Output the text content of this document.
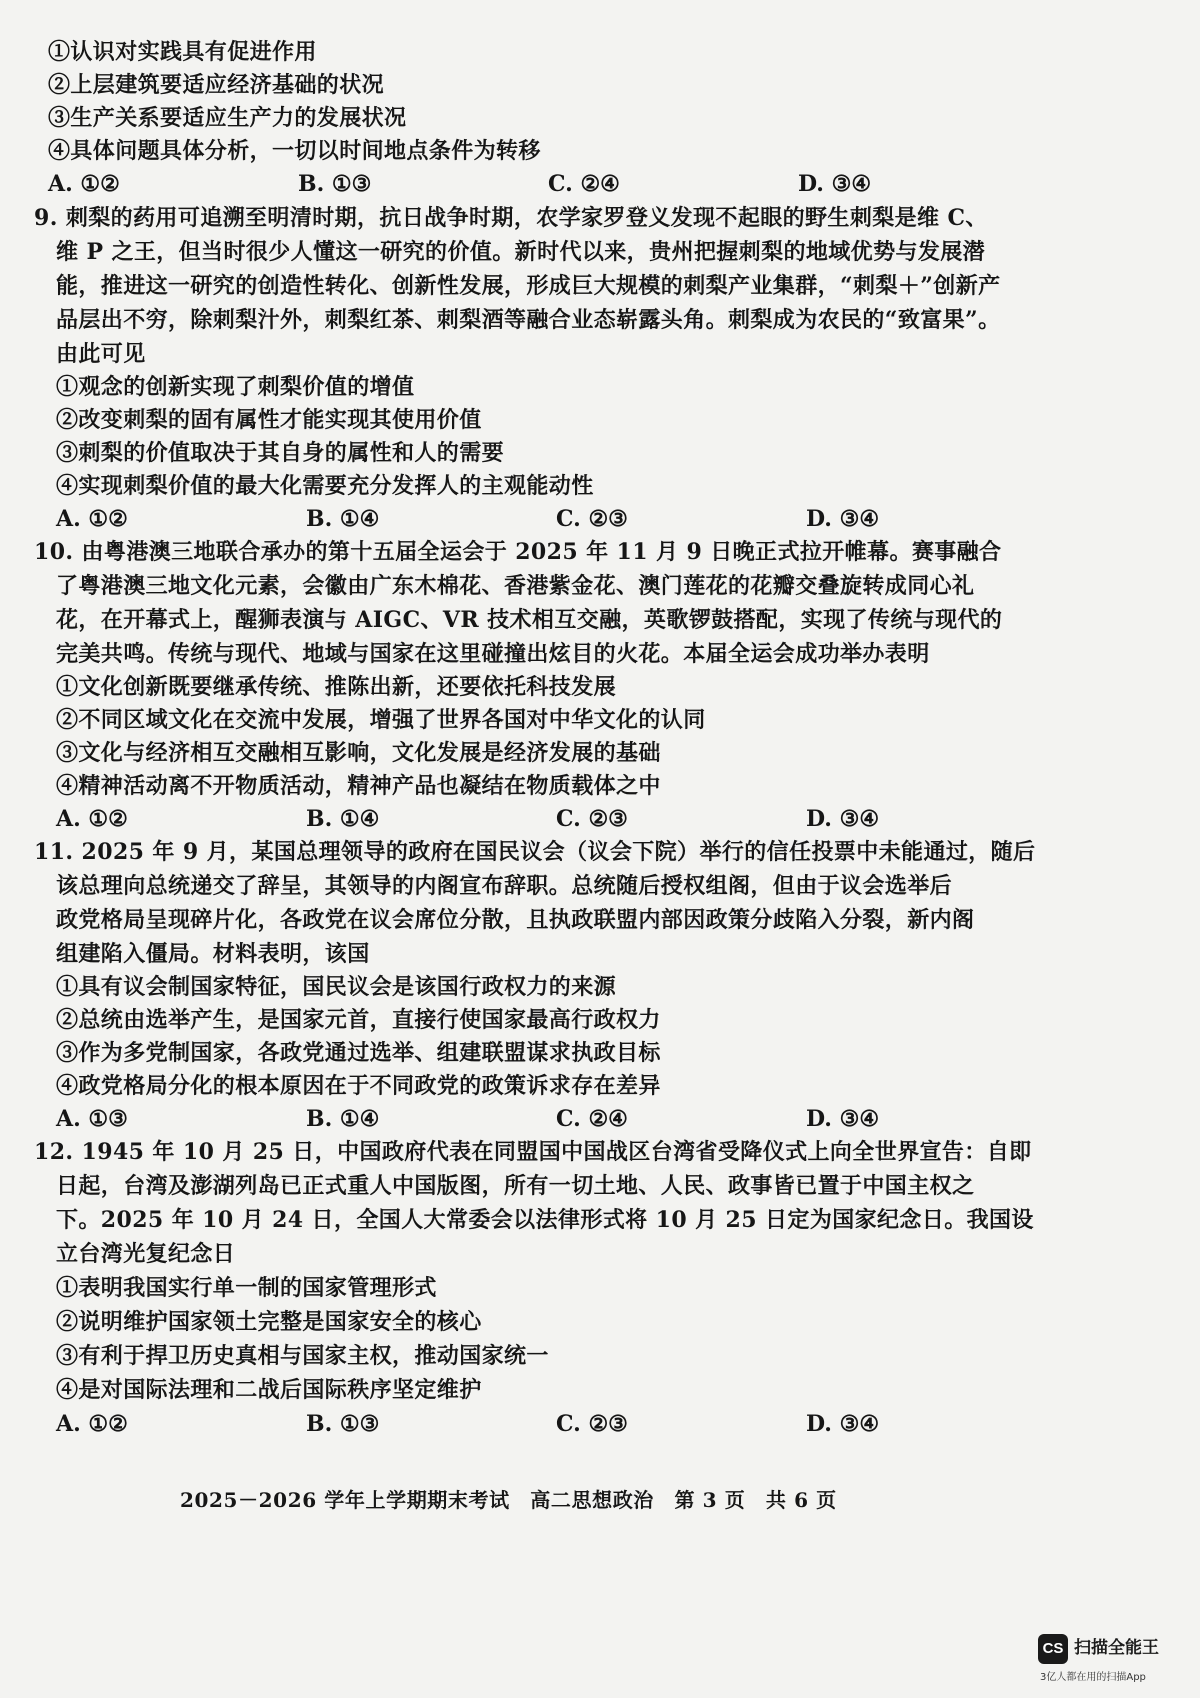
①认识对实践具有促进作用
②上层建筑要适应经济基础的状况
③生产关系要适应生产力的发展状况
④具体问题具体分析，一切以时间地点条件为转移
A. ①②	B. ①③	C. ②④	D. ③④
9. 刺梨的药用可追溯至明清时期，抗日战争时期，农学家罗登义发现不起眼的野生刺梨是维 C、
维 P 之王，但当时很少人懂这一研究的价值。新时代以来，贵州把握刺梨的地域优势与发展潜
能，推进这一研究的创造性转化、创新性发展，形成巨大规模的刺梨产业集群，“刺梨＋”创新产
品层出不穷，除刺梨汁外，刺梨红茶、刺梨酒等融合业态崭露头角。刺梨成为农民的“致富果”。
由此可见
①观念的创新实现了刺梨价值的增值
②改变刺梨的固有属性才能实现其使用价值
③刺梨的价值取决于其自身的属性和人的需要
④实现刺梨价值的最大化需要充分发挥人的主观能动性
A. ①②	B. ①④	C. ②③	D. ③④
10. 由粤港澳三地联合承办的第十五届全运会于 2025 年 11 月 9 日晚正式拉开帷幕。赛事融合
了粤港澳三地文化元素，会徽由广东木棉花、香港紫金花、澳门莲花的花瓣交叠旋转成同心礼
花，在开幕式上，醒狮表演与 AIGC、VR 技术相互交融，英歌锣鼓搭配，实现了传统与现代的
完美共鸣。传统与现代、地域与国家在这里碰撞出炫目的火花。本届全运会成功举办表明
①文化创新既要继承传统、推陈出新，还要依托科技发展
②不同区域文化在交流中发展，增强了世界各国对中华文化的认同
③文化与经济相互交融相互影响，文化发展是经济发展的基础
④精神活动离不开物质活动，精神产品也凝结在物质载体之中
A. ①②	B. ①④	C. ②③	D. ③④
11. 2025 年 9 月，某国总理领导的政府在国民议会（议会下院）举行的信任投票中未能通过，随后
该总理向总统递交了辞呈，其领导的内阁宣布辞职。总统随后授权组阁，但由于议会选举后
政党格局呈现碎片化，各政党在议会席位分散，且执政联盟内部因政策分歧陷入分裂，新内阁
组建陷入僵局。材料表明，该国
①具有议会制国家特征，国民议会是该国行政权力的来源
②总统由选举产生，是国家元首，直接行使国家最高行政权力
③作为多党制国家，各政党通过选举、组建联盟谋求执政目标
④政党格局分化的根本原因在于不同政党的政策诉求存在差异
A. ①③	B. ①④	C. ②④	D. ③④
12. 1945 年 10 月 25 日，中国政府代表在同盟国中国战区台湾省受降仪式上向全世界宣告：自即
日起，台湾及澎湖列岛已正式重人中国版图，所有一切土地、人民、政事皆已置于中国主权之
下。2025 年 10 月 24 日，全国人大常委会以法律形式将 10 月 25 日定为国家纪念日。我国设
立台湾光复纪念日
①表明我国实行单一制的国家管理形式
②说明维护国家领土完整是国家安全的核心
③有利于捍卫历史真相与国家主权，推动国家统一
④是对国际法理和二战后国际秩序坚定维护
A. ①②	B. ①③	C. ②③	D. ③④
2025－2026 学年上学期期末考试　高二思想政治　第 3 页　共 6 页
CS 扫描全能王
3亿人都在用的扫描App
